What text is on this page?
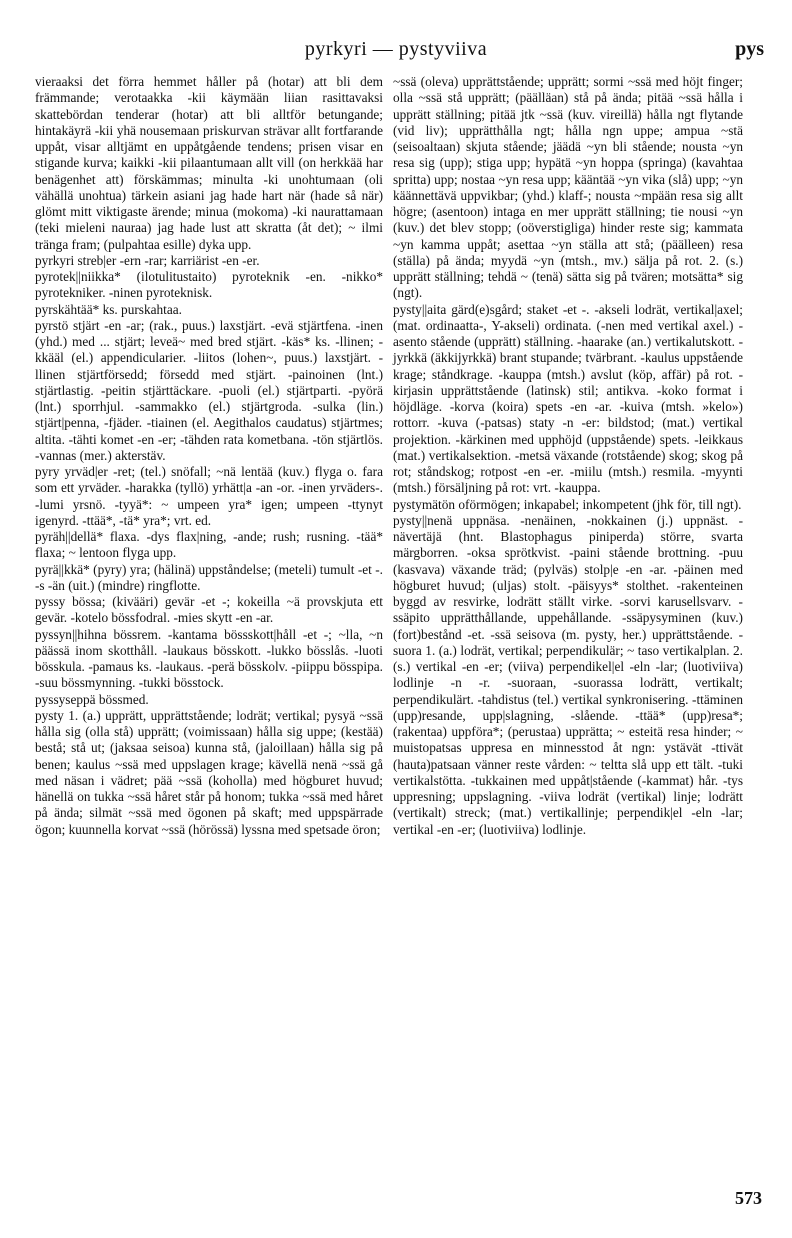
pyrkyri — pystyviiva	pys

vieraaksi det förra hemmet håller på (hotar) att bli dem främmande; verotaakka -kii käymään liian rasittavaksi skattebördan tenderar (hotar) att bli alltför betungande; hintakäyrä -kii yhä nousemaan priskurvan strävar allt fortfarande uppåt, visar alltjämt en uppåtgående tendens; prisen visar en stigande kurva; kaikki -kii pilaantumaan allt vill (on herkkää har benägenhet att) förskämmas; minulta -ki unohtumaan (oli vähällä unohtua) tärkein asiani jag hade hart när (hade så när) glömt mitt viktigaste ärende; minua (mokoma) -ki naurattamaan (teki mieleni nauraa) jag hade lust att skratta (åt det); ~ ilmi tränga fram; (pulpahtaa esille) dyka upp.

pyrkyri streb|er -ern -rar; karriärist -en -er.

pyrotek||niikka* (ilotulitustaito) pyroteknik -en. -nikko* pyrotekniker. -ninen pyroteknisk.

pyrskähtää* ks. purskahtaa.

pyrstö stjärt -en -ar; (rak., puus.) laxstjärt. -evä stjärtfena. -inen (yhd.) med ... stjärt; leveä~ med bred stjärt. -käs* ks. -llinen; -kkääl (el.) appendicularier. -liitos (lohen~, puus.) laxstjärt. -llinen stjärtförsedd; försedd med stjärt. -painoinen (lnt.) stjärtlastig. -peitin stjärttäckare. -puoli (el.) stjärtparti. -pyörä (lnt.) sporrhjul. -sammakko (el.) stjärtgroda. -sulka (lin.) stjärt|penna, -fjäder. -tiainen (el. Aegithalos caudatus) stjärtmes; altita. -tähti komet -en -er; -tähden rata kometbana. -tön stjärtlös. -vannas (mer.) akterstäv.

pyry yrväd|er -ret; (tel.) snöfall; ~nä lentää (kuv.) flyga o. fara som ett yrväder. -harakka (tyllö) yrhätt|a -an -or. -inen yrväders-. -lumi yrsnö. -tyyä*: ~ umpeen yra* igen; umpeen -ttynyt igenyrd. -ttää*, -tä* yra*; vrt. ed.

pyräh||dellä* flaxa. -dys flax|ning, -ande; rush; rusning. -tää* flaxa; ~ lentoon flyga upp.

pyrä||kkä* (pyry) yra; (hälinä) uppståndelse; (meteli) tumult -et -. -s -än (uit.) (mindre) ringflotte.

pyssy bössa; (kivääri) gevär -et -; kokeilla ~ä provskjuta ett gevär. -kotelo bössfodral. -mies skytt -en -ar.

pyssyn||hihna bössrem. -kantama bössskott|håll -et -; ~lla, ~n päässä inom skotthåll. -laukaus bösskott. -lukko bösslås. -luoti bösskula. -pamaus ks. -laukaus. -perä bösskolv. -piippu bösspipa. -suu bössmynning. -tukki bösstock.

pyssyseppä bössmed.

pysty 1. (a.) upprätt, upprättstående; lodrät; vertikal; pysyä ~ssä hålla sig (olla stå) upprätt; (voimissaan) hålla sig uppe; (kestää) bestå; stå ut; (jaksaa seisoa) kunna stå, (jaloillaan) hålla sig på benen; kaulus ~ssä med uppslagen krage; kävellä nenä ~ssä gå med näsan i vädret; pää ~ssä (koholla) med högburet huvud; hänellä on tukka ~ssä håret står på honom; tukka ~ssä med håret på ända; silmät ~ssä med ögonen på skaft; med uppspärrade ögon; kuunnella korvat ~ssä (hörössä) lyssna med spetsade öron;

~ssä (oleva) upprättstående; upprätt; sormi ~ssä med höjt finger; olla ~ssä stå upprätt; (päälläan) stå på ända; pitää ~ssä hålla i upprätt ställning; pitää jtk ~ssä (kuv. vireillä) hålla ngt flytande (vid liv); upprätthålla ngt; hålla ngn uppe; ampua ~stä (seisoaltaan) skjuta stående; jäädä ~yn bli stående; nousta ~yn resa sig (upp); stiga upp; hypätä ~yn hoppa (springa) (kavahtaa spritta) upp; nostaa ~yn resa upp; kääntää ~yn vika (slå) upp; ~yn käännettävä uppvikbar; (yhd.) klaff-; nousta ~mpään resa sig allt högre; (asentoon) intaga en mer upprätt ställning; tie nousi ~yn (kuv.) det blev stopp; (oöverstigliga) hinder reste sig; kammata ~yn kamma uppåt; asettaa ~yn ställa att stå; (päälleen) resa (ställa) på ända; myydä ~yn (mtsh., mv.) sälja på rot. 2. (s.) upprätt ställning; tehdä ~ (tenä) sätta sig på tvären; motsätta* sig (ngt).

pysty||aita gärd(e)sgård; staket -et -. -akseli lodrät, vertikal|axel; (mat. ordinaatta-, Y-akseli) ordinata. (-nen med vertikal axel.) -asento stående (upprätt) ställning. -haarake (an.) vertikalutskott. -jyrkkä (äkkijyrkkä) brant stupande; tvärbrant. -kaulus uppstående krage; ståndkrage. -kauppa (mtsh.) avslut (köp, affär) på rot. -kirjasin upprättstående (latinsk) stil; antikva. -koko format i höjdläge. -korva (koira) spets -en -ar. -kuiva (mtsh. »kelo») rottorr. -kuva (-patsas) staty -n -er: bildstod; (mat.) vertikal projektion. -kärkinen med upphöjd (uppstående) spets. -leikkaus (mat.) vertikalsektion. -metsä växande (rotstående) skog; skog på rot; ståndskog; rotpost -en -er. -miilu (mtsh.) resmila. -myynti (mtsh.) försäljning på rot: vrt. -kauppa.

pystymätön oförmögen; inkapabel; inkompetent (jhk för, till ngt).

pysty||nenä uppnäsa. -nenäinen, -nokkainen (j.) uppnäst. -nävertäjä (hnt. Blastophagus piniperda) större, svarta märgborren. -oksa sprötkvist. -paini stående brottning. -puu (kasvava) växande träd; (pylväs) stolp|e -en -ar. -päinen med högburet huvud; (uljas) stolt. -päisyys* stolthet. -rakenteinen byggd av resvirke, lodrätt ställt virke. -sorvi karusellsvarv. -ssäpito upprätthållande, uppehållande. -ssäpysyminen (kuv.) (fort)bestånd -et. -ssä seisova (m. pysty, her.) upprättstående. -suora 1. (a.) lodrät, vertikal; perpendikulär; ~ taso vertikalplan. 2. (s.) vertikal -en -er; (viiva) perpendikel|el -eln -lar; (luotiviiva) lodlinje -n -r. -suoraan, -suorassa lodrätt, vertikalt; perpendikulärt. -tahdistus (tel.) vertikal synkronisering. -ttäminen (upp)resande, upp|slagning, -slående. -ttää* (upp)resa*; (rakentaa) uppföra*; (perustaa) upprätta; ~ esteitä resa hinder; ~ muistopatsas uppresa en minnesstod åt ngn: ystävät -ttivät (hauta)patsaan vänner reste vården: ~ teltta slå upp ett tält. -tuki vertikalstötta. -tukkainen med uppåt|stående (-kammat) hår. -tys uppresning; uppslagning. -viiva lodrät (vertikal) linje; lodrätt (vertikalt) streck; (mat.) vertikallinje; perpendik|el -eln -lar; vertikal -en -er; (luotiviiva) lodlinje.

573
